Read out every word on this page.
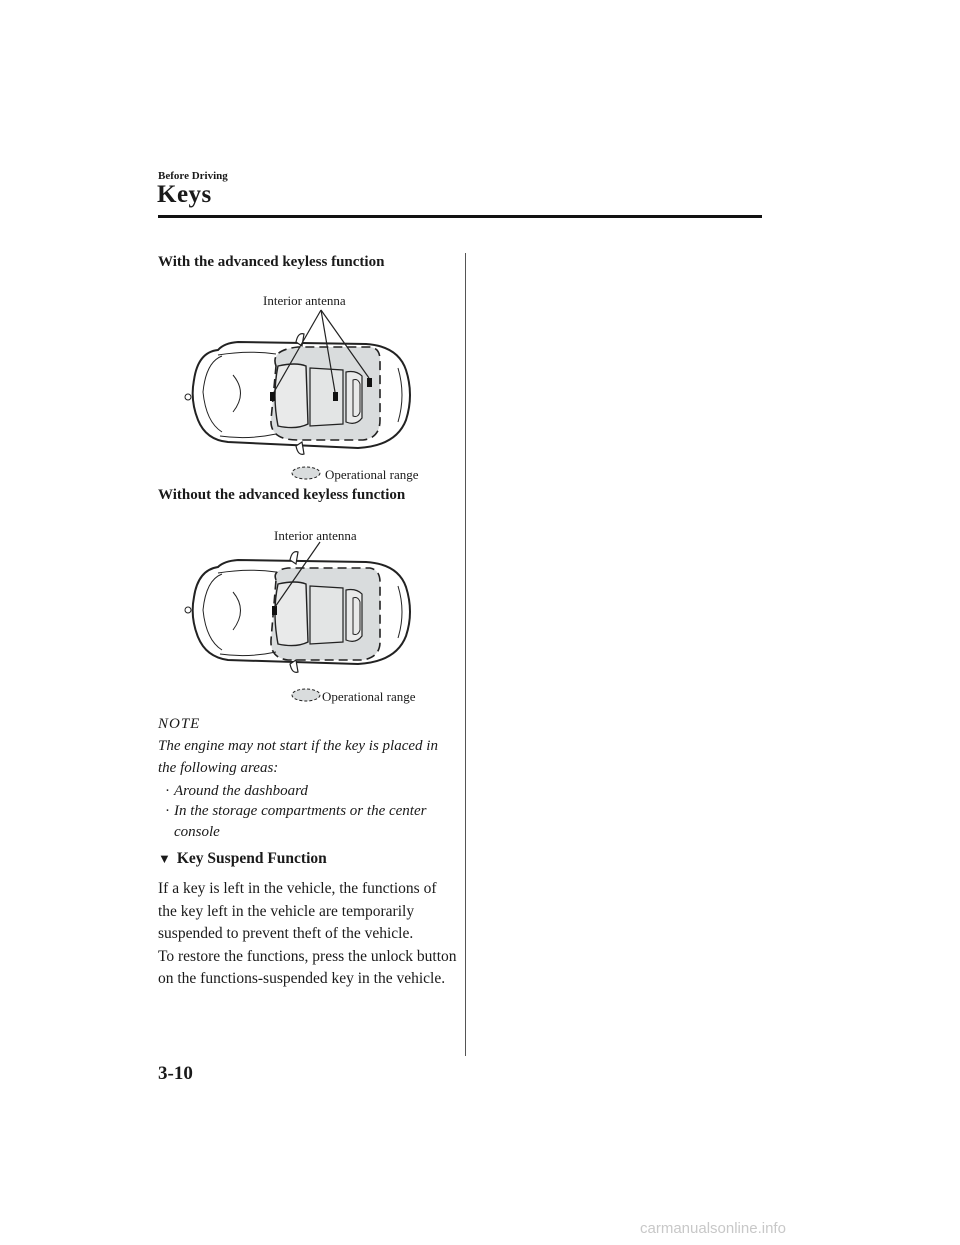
Before Driving
Keys
With the advanced keyless function
Interior antenna
Operational range
Without the advanced keyless function
Interior antenna
Operational range
NOTE
The engine may not start if the key is placed in the following areas:
· Around the dashboard
· In the storage compartments or the center console
▼ Key Suspend Function
If a key is left in the vehicle, the functions of the key left in the vehicle are temporarily suspended to prevent theft of the vehicle.
To restore the functions, press the unlock button on the functions-suspended key in the vehicle.
3-10
carmanualsonline.info
